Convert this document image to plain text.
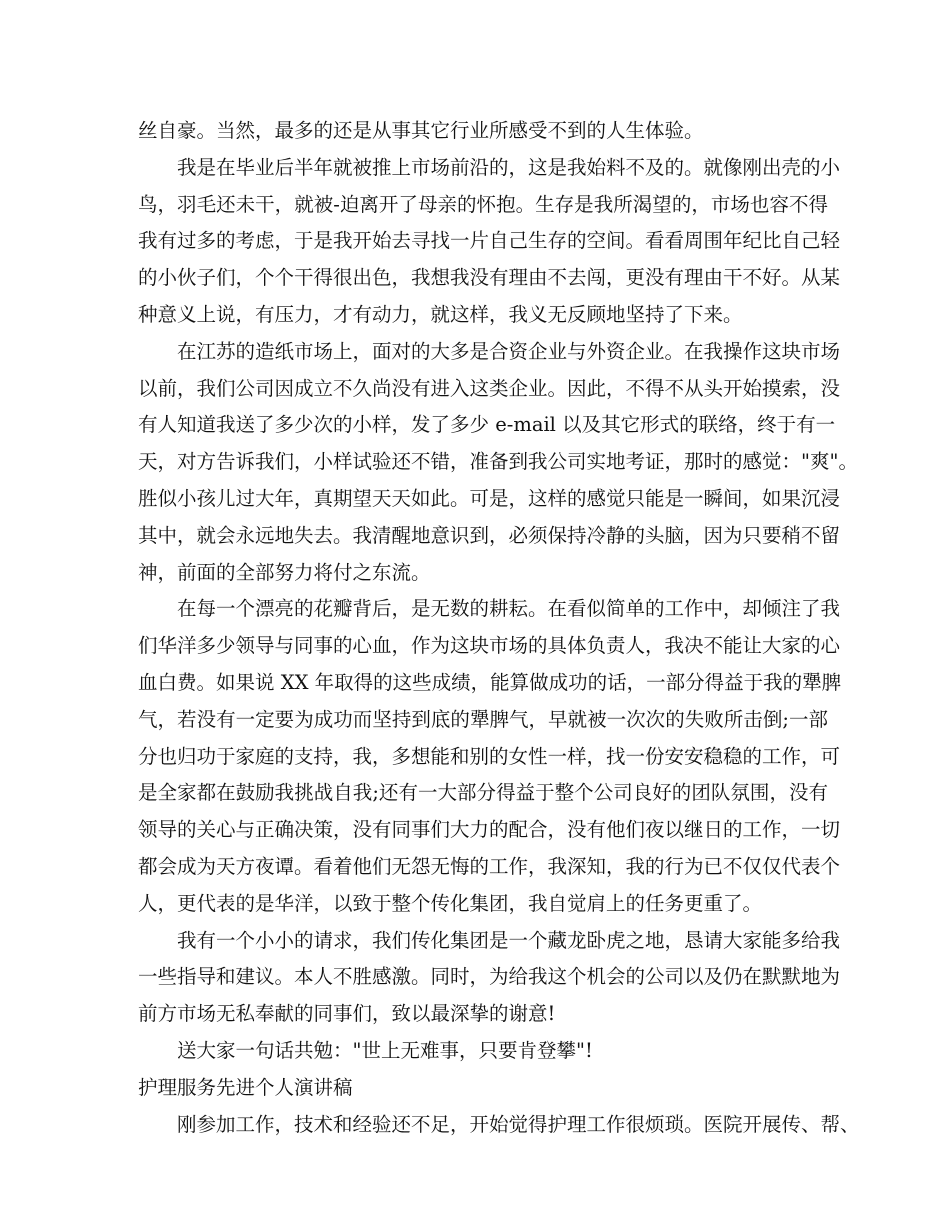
丝自豪。当然，最多的还是从事其它行业所感受不到的人生体验。
我是在毕业后半年就被推上市场前沿的，这是我始料不及的。就像刚出壳的小
鸟，羽毛还未干，就被-迫离开了母亲的怀抱。生存是我所渴望的，市场也容不得
我有过多的考虑，于是我开始去寻找一片自己生存的空间。看看周围年纪比自己轻
的小伙子们，个个干得很出色，我想我没有理由不去闯，更没有理由干不好。从某
种意义上说，有压力，才有动力，就这样，我义无反顾地坚持了下来。
在江苏的造纸市场上，面对的大多是合资企业与外资企业。在我操作这块市场
以前，我们公司因成立不久尚没有进入这类企业。因此，不得不从头开始摸索，没
有人知道我送了多少次的小样，发了多少 e-mail 以及其它形式的联络，终于有一
天，对方告诉我们，小样试验还不错，准备到我公司实地考证，那时的感觉："爽"。
胜似小孩儿过大年，真期望天天如此。可是，这样的感觉只能是一瞬间，如果沉浸
其中，就会永远地失去。我清醒地意识到，必须保持冷静的头脑，因为只要稍不留
神，前面的全部努力将付之东流。
在每一个漂亮的花瓣背后，是无数的耕耘。在看似简单的工作中，却倾注了我
们华洋多少领导与同事的心血，作为这块市场的具体负责人，我决不能让大家的心
血白费。如果说 XX 年取得的这些成绩，能算做成功的话，一部分得益于我的犟脾
气，若没有一定要为成功而坚持到底的犟脾气，早就被一次次的失败所击倒;一部
分也归功于家庭的支持，我，多想能和别的女性一样，找一份安安稳稳的工作，可
是全家都在鼓励我挑战自我;还有一大部分得益于整个公司良好的团队氛围，没有
领导的关心与正确决策，没有同事们大力的配合，没有他们夜以继日的工作，一切
都会成为天方夜谭。看着他们无怨无悔的工作，我深知，我的行为已不仅仅代表个
人，更代表的是华洋，以致于整个传化集团，我自觉肩上的任务更重了。
我有一个小小的请求，我们传化集团是一个藏龙卧虎之地，恳请大家能多给我
一些指导和建议。本人不胜感激。同时，为给我这个机会的公司以及仍在默默地为
前方市场无私奉献的同事们，致以最深挚的谢意!
送大家一句话共勉："世上无难事，只要肯登攀"!
护理服务先进个人演讲稿
刚参加工作，技术和经验还不足，开始觉得护理工作很烦琐。医院开展传、帮、
